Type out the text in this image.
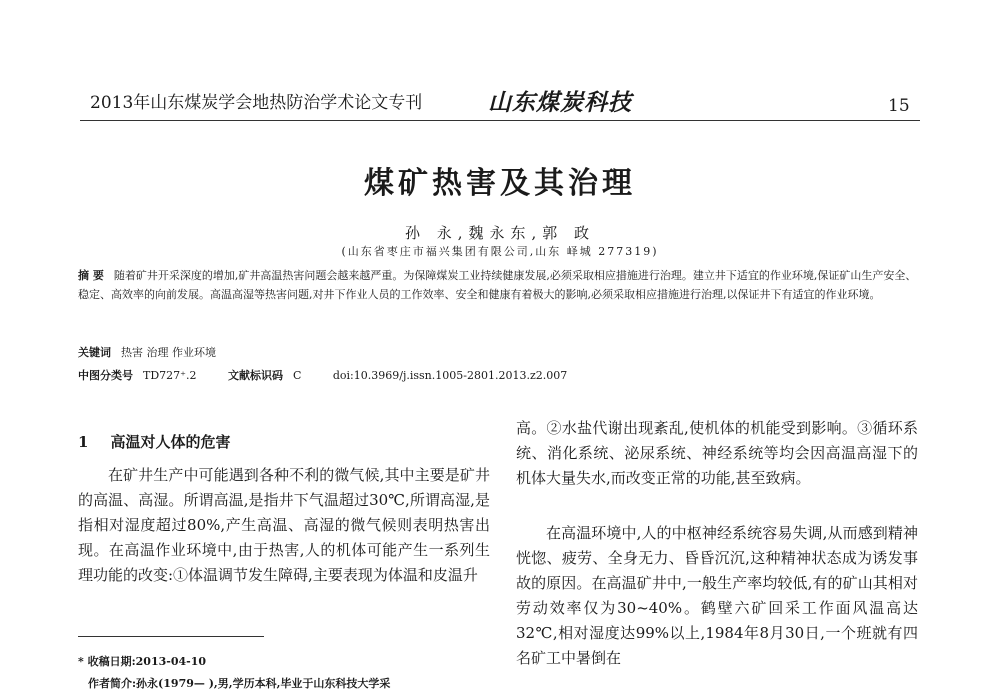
2013年山东煤炭学会地热防治学术论文专刊	山东煤炭科技	15
煤矿热害及其治理
孙 永,魏永东,郭 政
(山东省枣庄市福兴集团有限公司,山东 峄城 277319)
摘 要 随着矿井开采深度的增加,矿井高温热害问题会越来越严重。为保障煤炭工业持续健康发展,必须采取相应措施进行治理。建立井下适宜的作业环境,保证矿山生产安全、稳定、高效率的向前发展。高温高湿等热害问题,对井下作业人员的工作效率、安全和健康有着极大的影响,必须采取相应措施进行治理,以保证井下有适宜的作业环境。
关键词 热害 治理 作业环境
中图分类号 TD727⁺.2	文献标识码 C	doi:10.3969/j.issn.1005-2801.2013.z2.007
1 高温对人体的危害
在矿井生产中可能遇到各种不利的微气候,其中主要是矿井的高温、高湿。所谓高温,是指井下气温超过30℃,所谓高湿,是指相对湿度超过80%,产生高温、高湿的微气候则表明热害出现。在高温作业环境中,由于热害,人的机体可能产生一系列生理功能的改变:①体温调节发生障碍,主要表现为体温和皮温升
高。②水盐代谢出现紊乱,使机体的机能受到影响。③循环系统、消化系统、泌尿系统、神经系统等均会因高温高湿下的机体大量失水,而改变正常的功能,甚至致病。
在高温环境中,人的中枢神经系统容易失调,从而感到精神恍惚、疲劳、全身无力、昏昏沉沉,这种精神状态成为诱发事故的原因。在高温矿井中,一般生产率均较低,有的矿山其相对劳动效率仅为30~40%。鹤壁六矿回采工作面风温高达32℃,相对湿度达99%以上,1984年8月30日,一个班就有四名矿工中暑倒在
* 收稿日期:2013-04-10
作者简介:孙永(1979— ),男,学历本科,毕业于山东科技大学采
